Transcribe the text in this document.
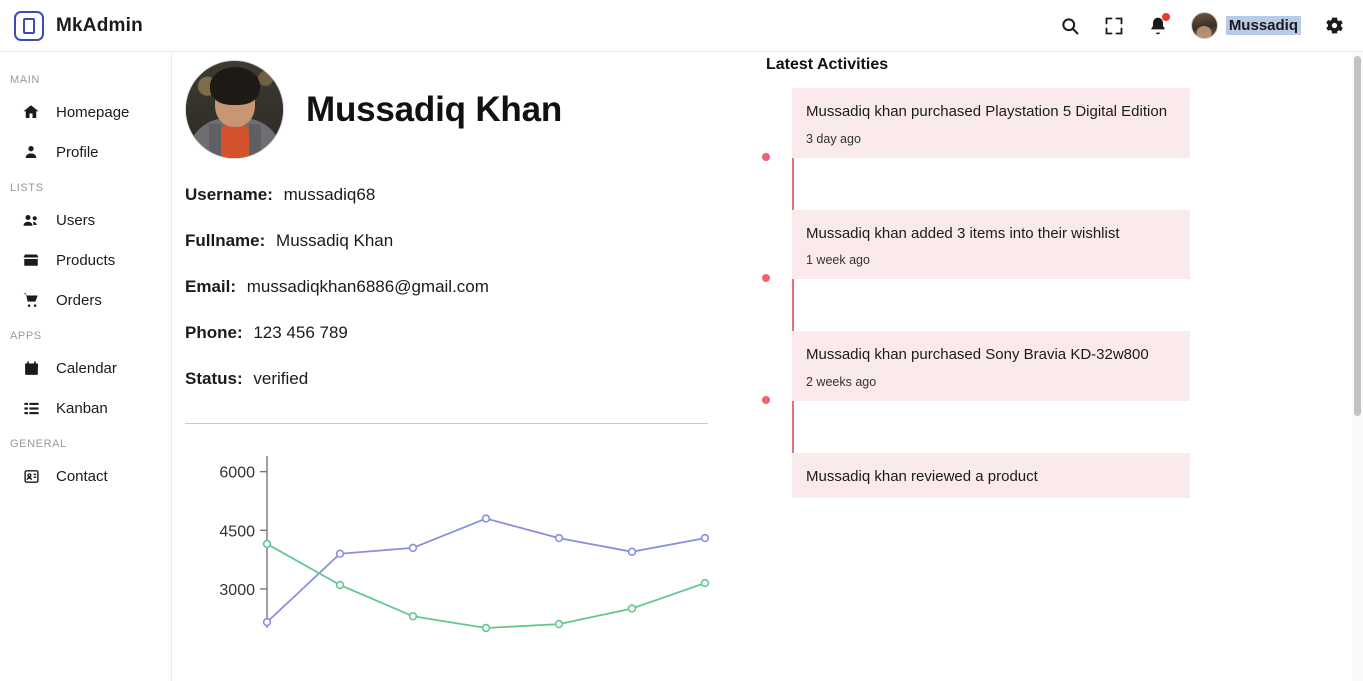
MkAdmin	Mussadiq
MAIN
Homepage
Profile
LISTS
Users
Products
Orders
APPS
Calendar
Kanban
GENERAL
Contact
Mussadiq Khan
Username: mussadiq68
Fullname: Mussadiq Khan
Email: mussadiqkhan6886@gmail.com
Phone: 123 456 789
Status: verified
3000
4500
6000
Latest Activities
Mussadiq khan purchased Playstation 5 Digital Edition
3 day ago
Mussadiq khan added 3 items into their wishlist
1 week ago
Mussadiq khan purchased Sony Bravia KD-32w800
2 weeks ago
Mussadiq khan reviewed a product
